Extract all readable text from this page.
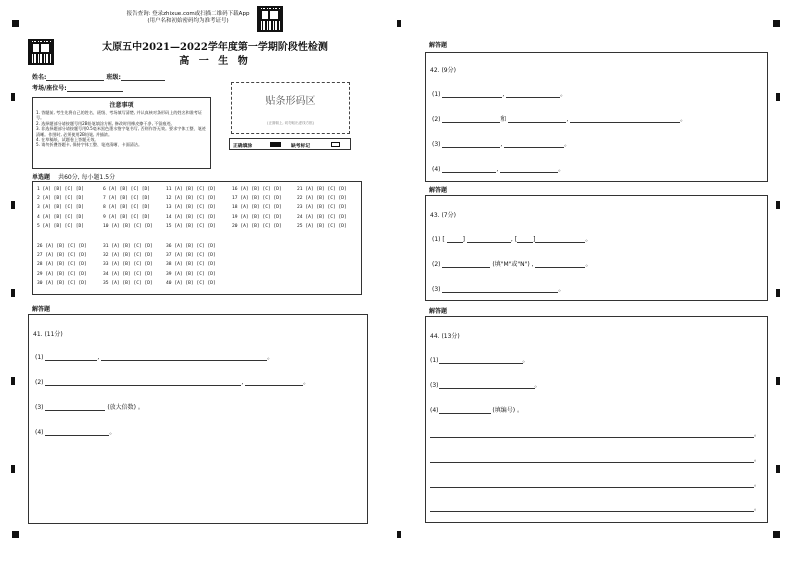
报告查询: 登录zhixue.com或扫描二维码下载App
(用户名和初始密码均为准考证号)
太原五中2021—2022学年度第一学期阶段性检测
高 一 生 物
姓名:	班级:
考场/座位号:
贴条形码区
(正面朝上, 切勿贴出虚线方框)
注意事项
1. 答题前, 考生先将自己的姓名、班级、考场填写清楚, 并认真核对条形码上的姓名和准考证号。
2. 选择题部分请按题号用2B铅笔填涂方框, 修改时用橡皮擦干净, 不留痕迹。
3. 非选择题部分请按题号用0.5毫米黑色墨水签字笔书写, 否则作答无效。要求字体工整、笔迹清晰。作图时, 必须使用2B铅笔, 并描浓。
4. 在草稿纸、试题卷上答题无效。
5. 请勿折叠答题卡, 保持字体工整、笔迹清晰、卡面清洁。	正确填涂	缺考标记
单选题 共60分, 每小题1.5分
1 [A] [B] [C] [D]
2 [A] [B] [C] [D]
3 [A] [B] [C] [D]
4 [A] [B] [C] [D]
5 [A] [B] [C] [D]
6 [A] [B] [C] [D]
7 [A] [B] [C] [D]
8 [A] [B] [C] [D]
9 [A] [B] [C] [D]
10 [A] [B] [C] [D]
11 [A] [B] [C] [D]
12 [A] [B] [C] [D]
13 [A] [B] [C] [D]
14 [A] [B] [C] [D]
15 [A] [B] [C] [D]
16 [A] [B] [C] [D]
17 [A] [B] [C] [D]
18 [A] [B] [C] [D]
19 [A] [B] [C] [D]
20 [A] [B] [C] [D]
21 [A] [B] [C] [D]
22 [A] [B] [C] [D]
23 [A] [B] [C] [D]
24 [A] [B] [C] [D]
25 [A] [B] [C] [D]
26 [A] [B] [C] [D]
27 [A] [B] [C] [D]
28 [A] [B] [C] [D]
29 [A] [B] [C] [D]
30 [A] [B] [C] [D]
31 [A] [B] [C] [D]
32 [A] [B] [C] [D]
33 [A] [B] [C] [D]
34 [A] [B] [C] [D]
35 [A] [B] [C] [D]
36 [A] [B] [C] [D]
37 [A] [B] [C] [D]
38 [A] [B] [C] [D]
39 [A] [B] [C] [D]
40 [A] [B] [C] [D]
解答题
41. (11分)
(1)	,	。
(2)	,	。
(3)	(放大倍数) 。
(4)	。
解答题
42. (9分)
(1)	,	。
(2)	和	,	。
(3)	,	。
(4)	,	。
解答题
43. (7分)
(1) [	]	, [	]	。
(2)	(填"M"或"N") ,	。
(3)	。
解答题
44. (13分)
(1)	。
(3)	。
(4)	(填编号) 。
。
。
。
。
